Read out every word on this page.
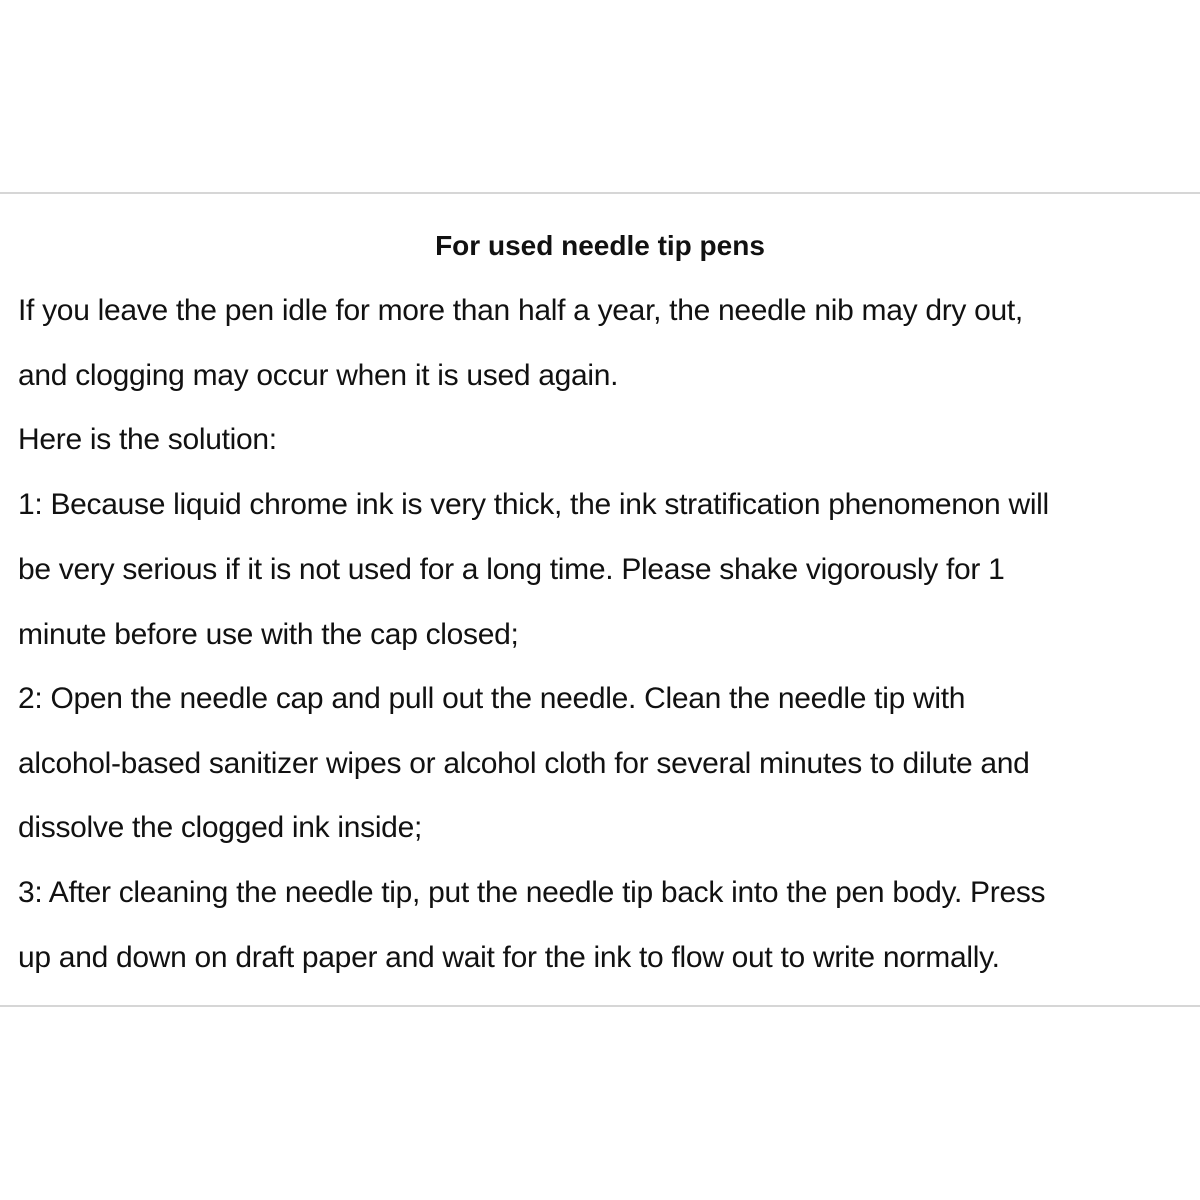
For used needle tip pens
If you leave the pen idle for more than half a year, the needle nib may dry out,
and clogging may occur when it is used again.
Here is the solution:
1: Because liquid chrome ink is very thick, the ink stratification phenomenon will
be very serious if it is not used for a long time. Please shake vigorously for 1
minute before use with the cap closed;
2: Open the needle cap and pull out the needle. Clean the needle tip with
alcohol-based sanitizer wipes or alcohol cloth for several minutes to dilute and
dissolve the clogged ink inside;
3: After cleaning the needle tip, put the needle tip back into the pen body. Press
up and down on draft paper and wait for the ink to flow out to write normally.
